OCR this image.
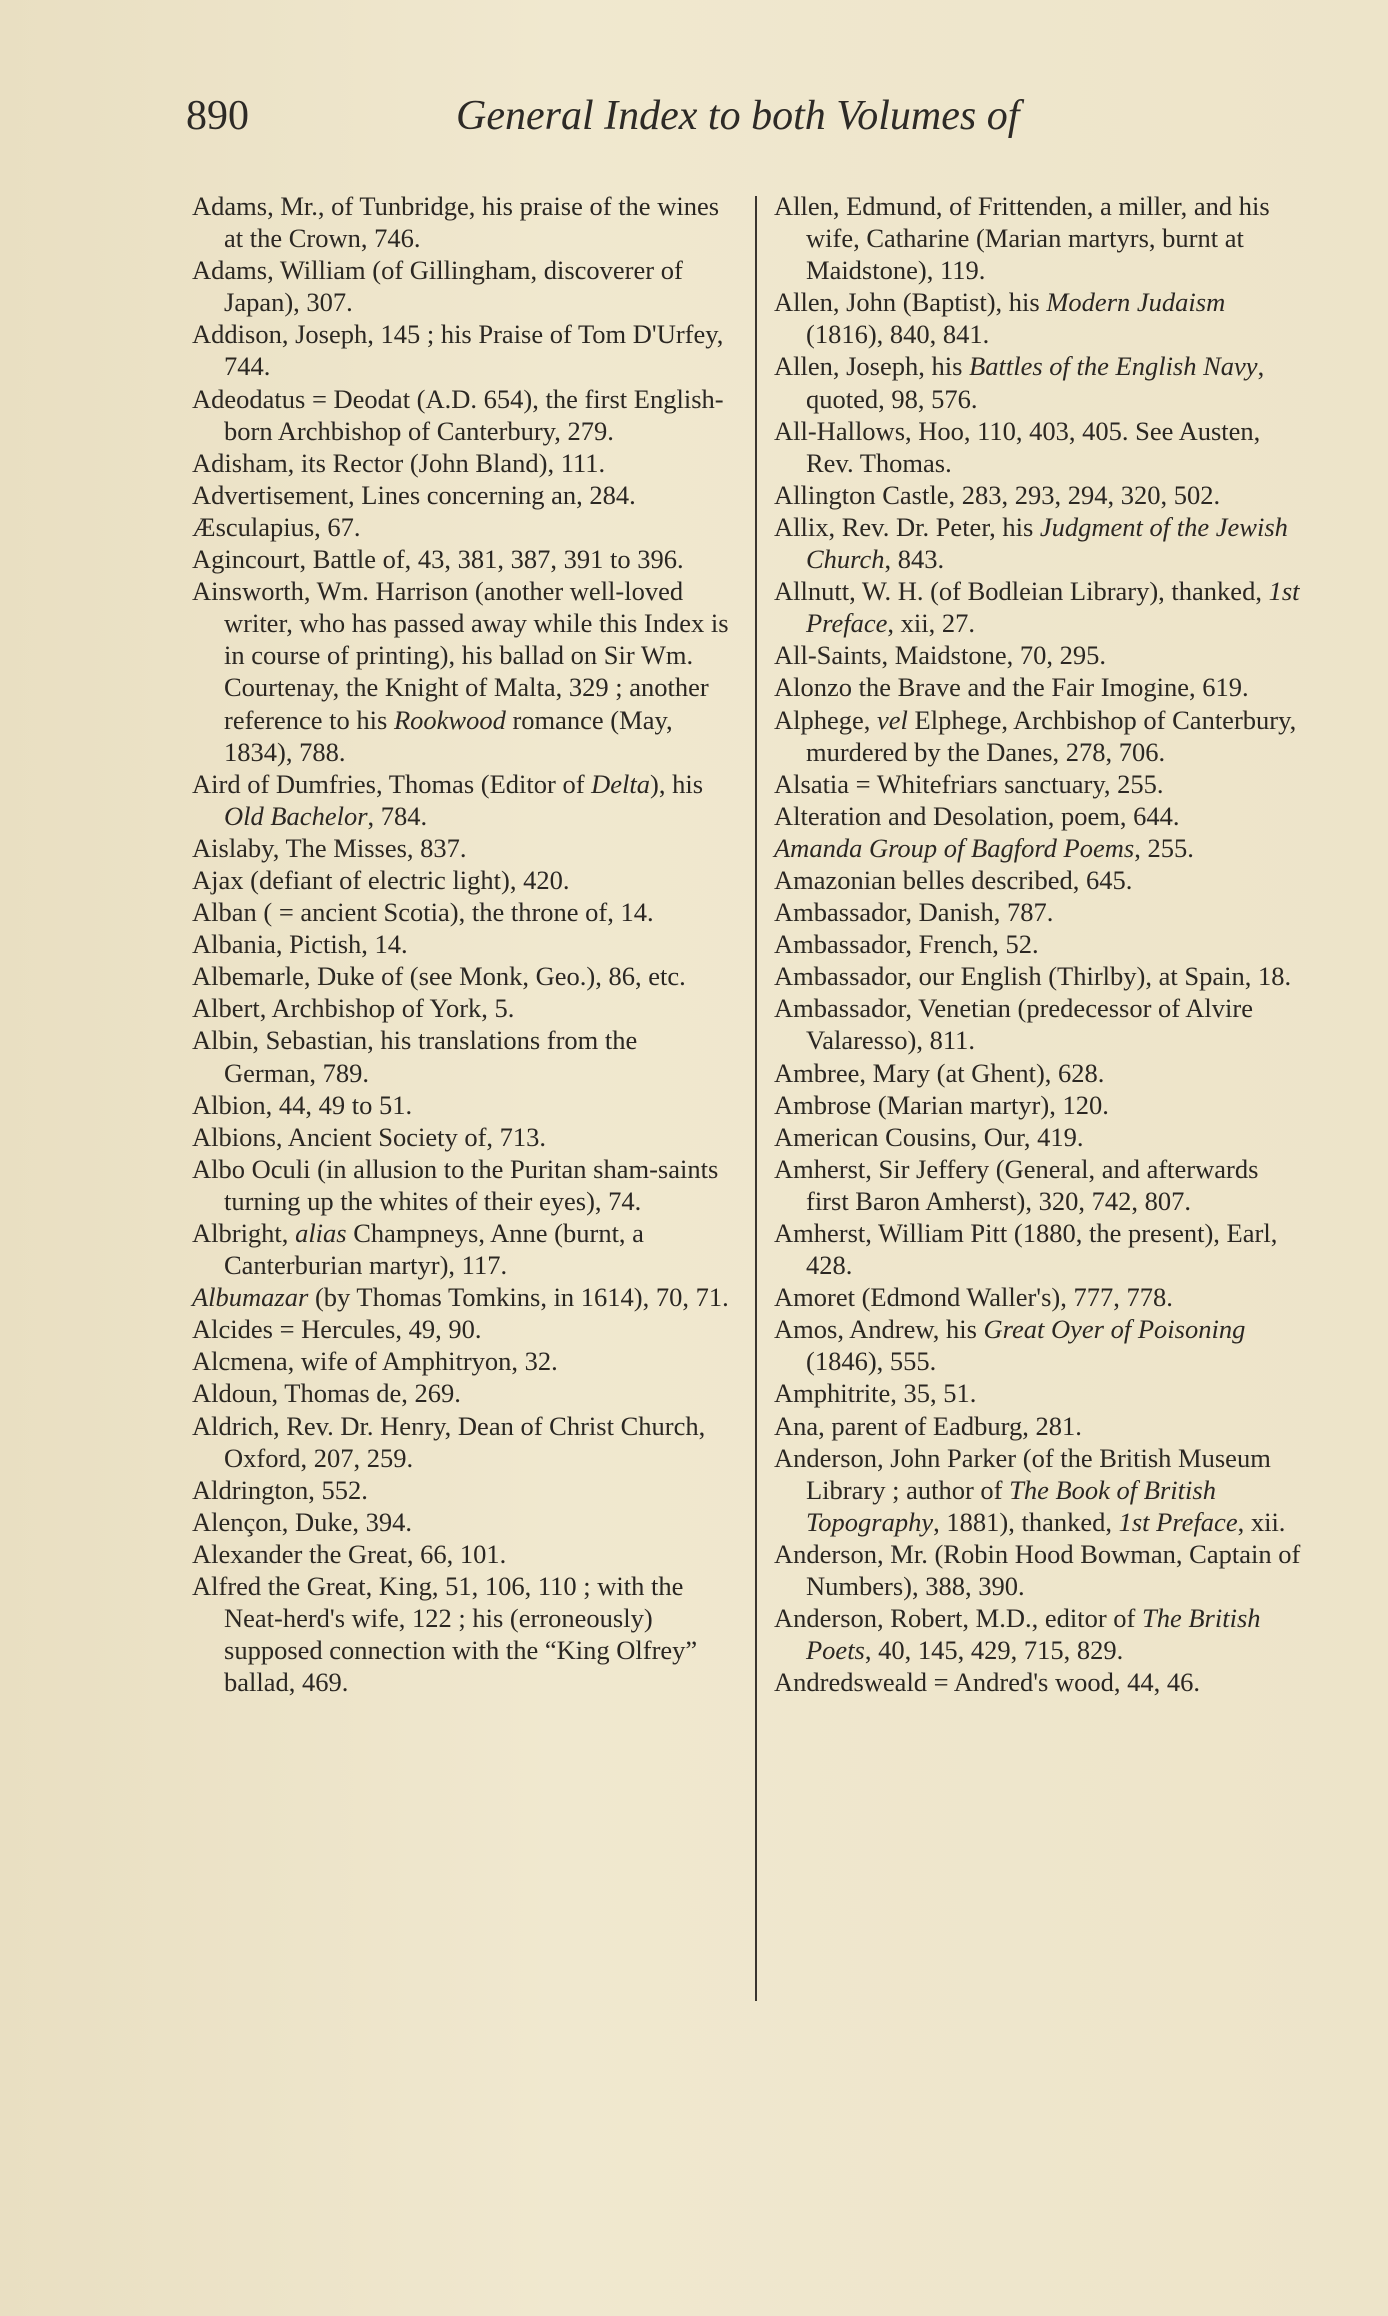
890	General Index to both Volumes of

Adams, Mr., of Tunbridge, his praise of the wines at the Crown, 746.

Adams, William (of Gillingham, discoverer of Japan), 307.

Addison, Joseph, 145 ; his Praise of Tom D'Urfey, 744.

Adeodatus = Deodat (A.D. 654), the first English-born Archbishop of Canterbury, 279.

Adisham, its Rector (John Bland), 111.

Advertisement, Lines concerning an, 284.

Æsculapius, 67.

Agincourt, Battle of, 43, 381, 387, 391 to 396.

Ainsworth, Wm. Harrison (another well-loved writer, who has passed away while this Index is in course of printing), his ballad on Sir Wm. Courtenay, the Knight of Malta, 329 ; another reference to his Rookwood romance (May, 1834), 788.

Aird of Dumfries, Thomas (Editor of Delta), his Old Bachelor, 784.

Aislaby, The Misses, 837.

Ajax (defiant of electric light), 420.

Alban ( = ancient Scotia), the throne of, 14.

Albania, Pictish, 14.

Albemarle, Duke of (see Monk, Geo.), 86, etc.

Albert, Archbishop of York, 5.

Albin, Sebastian, his translations from the German, 789.

Albion, 44, 49 to 51.

Albions, Ancient Society of, 713.

Albo Oculi (in allusion to the Puritan sham-saints turning up the whites of their eyes), 74.

Albright, alias Champneys, Anne (burnt, a Canterburian martyr), 117.

Albumazar (by Thomas Tomkins, in 1614), 70, 71.

Alcides = Hercules, 49, 90.

Alcmena, wife of Amphitryon, 32.

Aldoun, Thomas de, 269.

Aldrich, Rev. Dr. Henry, Dean of Christ Church, Oxford, 207, 259.

Aldrington, 552.

Alençon, Duke, 394.

Alexander the Great, 66, 101.

Alfred the Great, King, 51, 106, 110 ; with the Neat-herd's wife, 122 ; his (erroneously) supposed connection with the “King Olfrey” ballad, 469.

Allen, Edmund, of Frittenden, a miller, and his wife, Catharine (Marian martyrs, burnt at Maidstone), 119.

Allen, John (Baptist), his Modern Judaism (1816), 840, 841.

Allen, Joseph, his Battles of the English Navy, quoted, 98, 576.

All-Hallows, Hoo, 110, 403, 405. See Austen, Rev. Thomas.

Allington Castle, 283, 293, 294, 320, 502.

Allix, Rev. Dr. Peter, his Judgment of the Jewish Church, 843.

Allnutt, W. H. (of Bodleian Library), thanked, 1st Preface, xii, 27.

All-Saints, Maidstone, 70, 295.

Alonzo the Brave and the Fair Imogine, 619.

Alphege, vel Elphege, Archbishop of Canterbury, murdered by the Danes, 278, 706.

Alsatia = Whitefriars sanctuary, 255.

Alteration and Desolation, poem, 644.

Amanda Group of Bagford Poems, 255.

Amazonian belles described, 645.

Ambassador, Danish, 787.

Ambassador, French, 52.

Ambassador, our English (Thirlby), at Spain, 18.

Ambassador, Venetian (predecessor of Alvire Valaresso), 811.

Ambree, Mary (at Ghent), 628.

Ambrose (Marian martyr), 120.

American Cousins, Our, 419.

Amherst, Sir Jeffery (General, and afterwards first Baron Amherst), 320, 742, 807.

Amherst, William Pitt (1880, the present), Earl, 428.

Amoret (Edmond Waller's), 777, 778.

Amos, Andrew, his Great Oyer of Poisoning (1846), 555.

Amphitrite, 35, 51.

Ana, parent of Eadburg, 281.

Anderson, John Parker (of the British Museum Library ; author of The Book of British Topography, 1881), thanked, 1st Preface, xii.

Anderson, Mr. (Robin Hood Bowman, Captain of Numbers), 388, 390.

Anderson, Robert, M.D., editor of The British Poets, 40, 145, 429, 715, 829.

Andredsweald = Andred's wood, 44, 46.
